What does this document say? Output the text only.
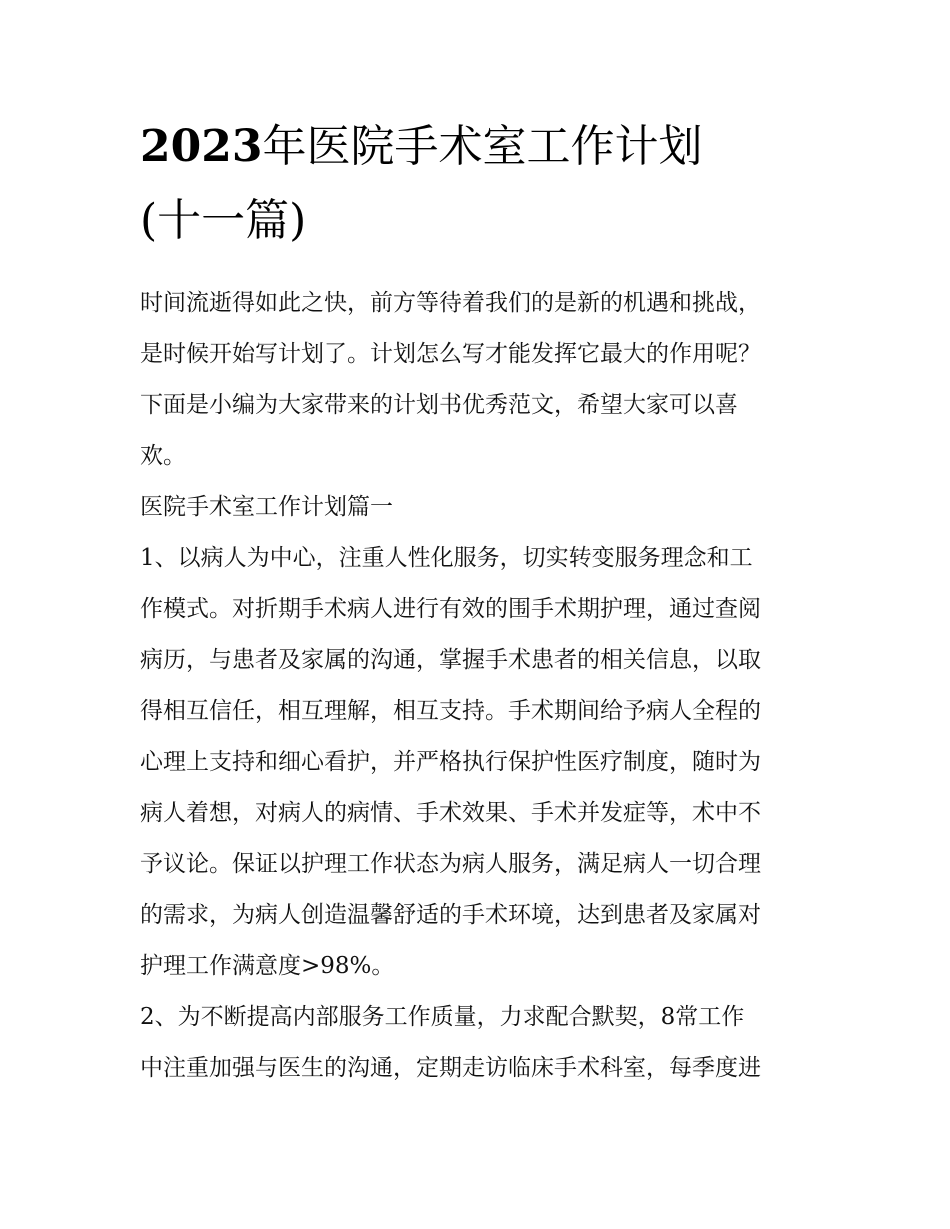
2023年医院手术室工作计划
(十一篇)

时间流逝得如此之快，前方等待着我们的是新的机遇和挑战，
是时候开始写计划了。计划怎么写才能发挥它最大的作用呢？
下面是小编为大家带来的计划书优秀范文，希望大家可以喜
欢。

医院手术室工作计划篇一

1、以病人为中心，注重人性化服务，切实转变服务理念和工
作模式。对折期手术病人进行有效的围手术期护理，通过查阅
病历，与患者及家属的沟通，掌握手术患者的相关信息，以取
得相互信任，相互理解，相互支持。手术期间给予病人全程的
心理上支持和细心看护，并严格执行保护性医疗制度，随时为
病人着想，对病人的病情、手术效果、手术并发症等，术中不
予议论。保证以护理工作状态为病人服务，满足病人一切合理
的需求，为病人创造温馨舒适的手术环境，达到患者及家属对
护理工作满意度>98%。

2、为不断提高内部服务工作质量，力求配合默契，8常工作
中注重加强与医生的沟通，定期走访临床手术科室，每季度进
